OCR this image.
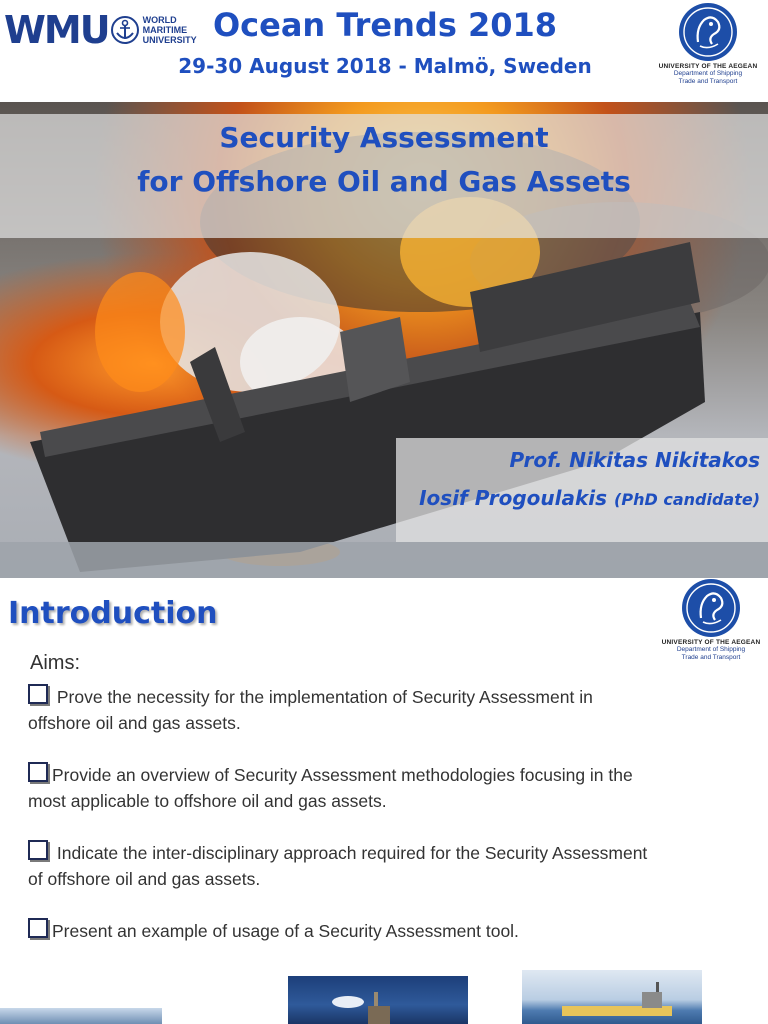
WMU	WORLD
MARITIME
UNIVERSITY Ocean Trends 2018
29-30 August 2018 - Malmö, Sweden	UNIVERSITY OF THE AEGEAN
Department of Shipping
Trade and Transport
Security Assessment
for Offshore Oil and Gas Assets
Prof. Nikitas Nikitakos
Iosif Progoulakis (PhD candidate)
Introduction
UNIVERSITY OF THE AEGEAN
Department of Shipping
Trade and Transport
Aims:
Prove the necessity for the implementation of Security Assessment in
offshore oil and gas assets.
Provide an overview of Security Assessment methodologies focusing in the
most applicable to offshore oil and gas assets.
Indicate the inter-disciplinary approach required for the Security Assessment
of offshore oil and gas assets.
Present an example of usage of a Security Assessment tool.
